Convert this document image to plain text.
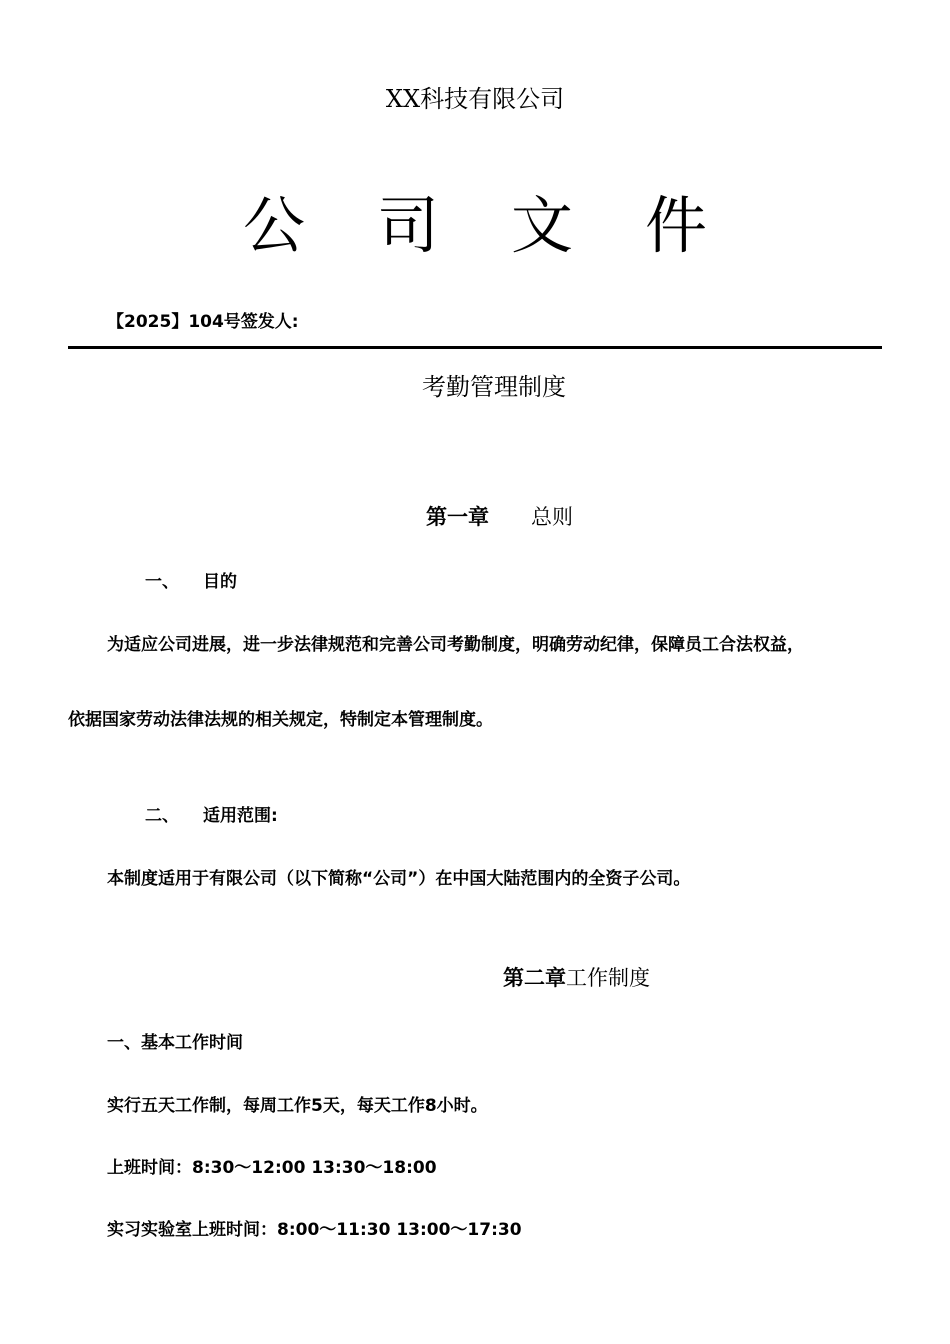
XX科技有限公司
公 司 文 件
【2025】104号签发人:
考勤管理制度
第一章 总则
一、 目的
为适应公司进展，进一步法律规范和完善公司考勤制度，明确劳动纪律，保障员工合法权益，
依据国家劳动法律法规的相关规定，特制定本管理制度。
二、 适用范围:
本制度适用于有限公司（以下简称“公司”）在中国大陆范围内的全资子公司。
第二章工作制度
一、基本工作时间
实行五天工作制，每周工作5天，每天工作8小时。
上班时间：8:30～12:00 13:30～18:00
实习实验室上班时间：8:00～11:30 13:00～17:30
